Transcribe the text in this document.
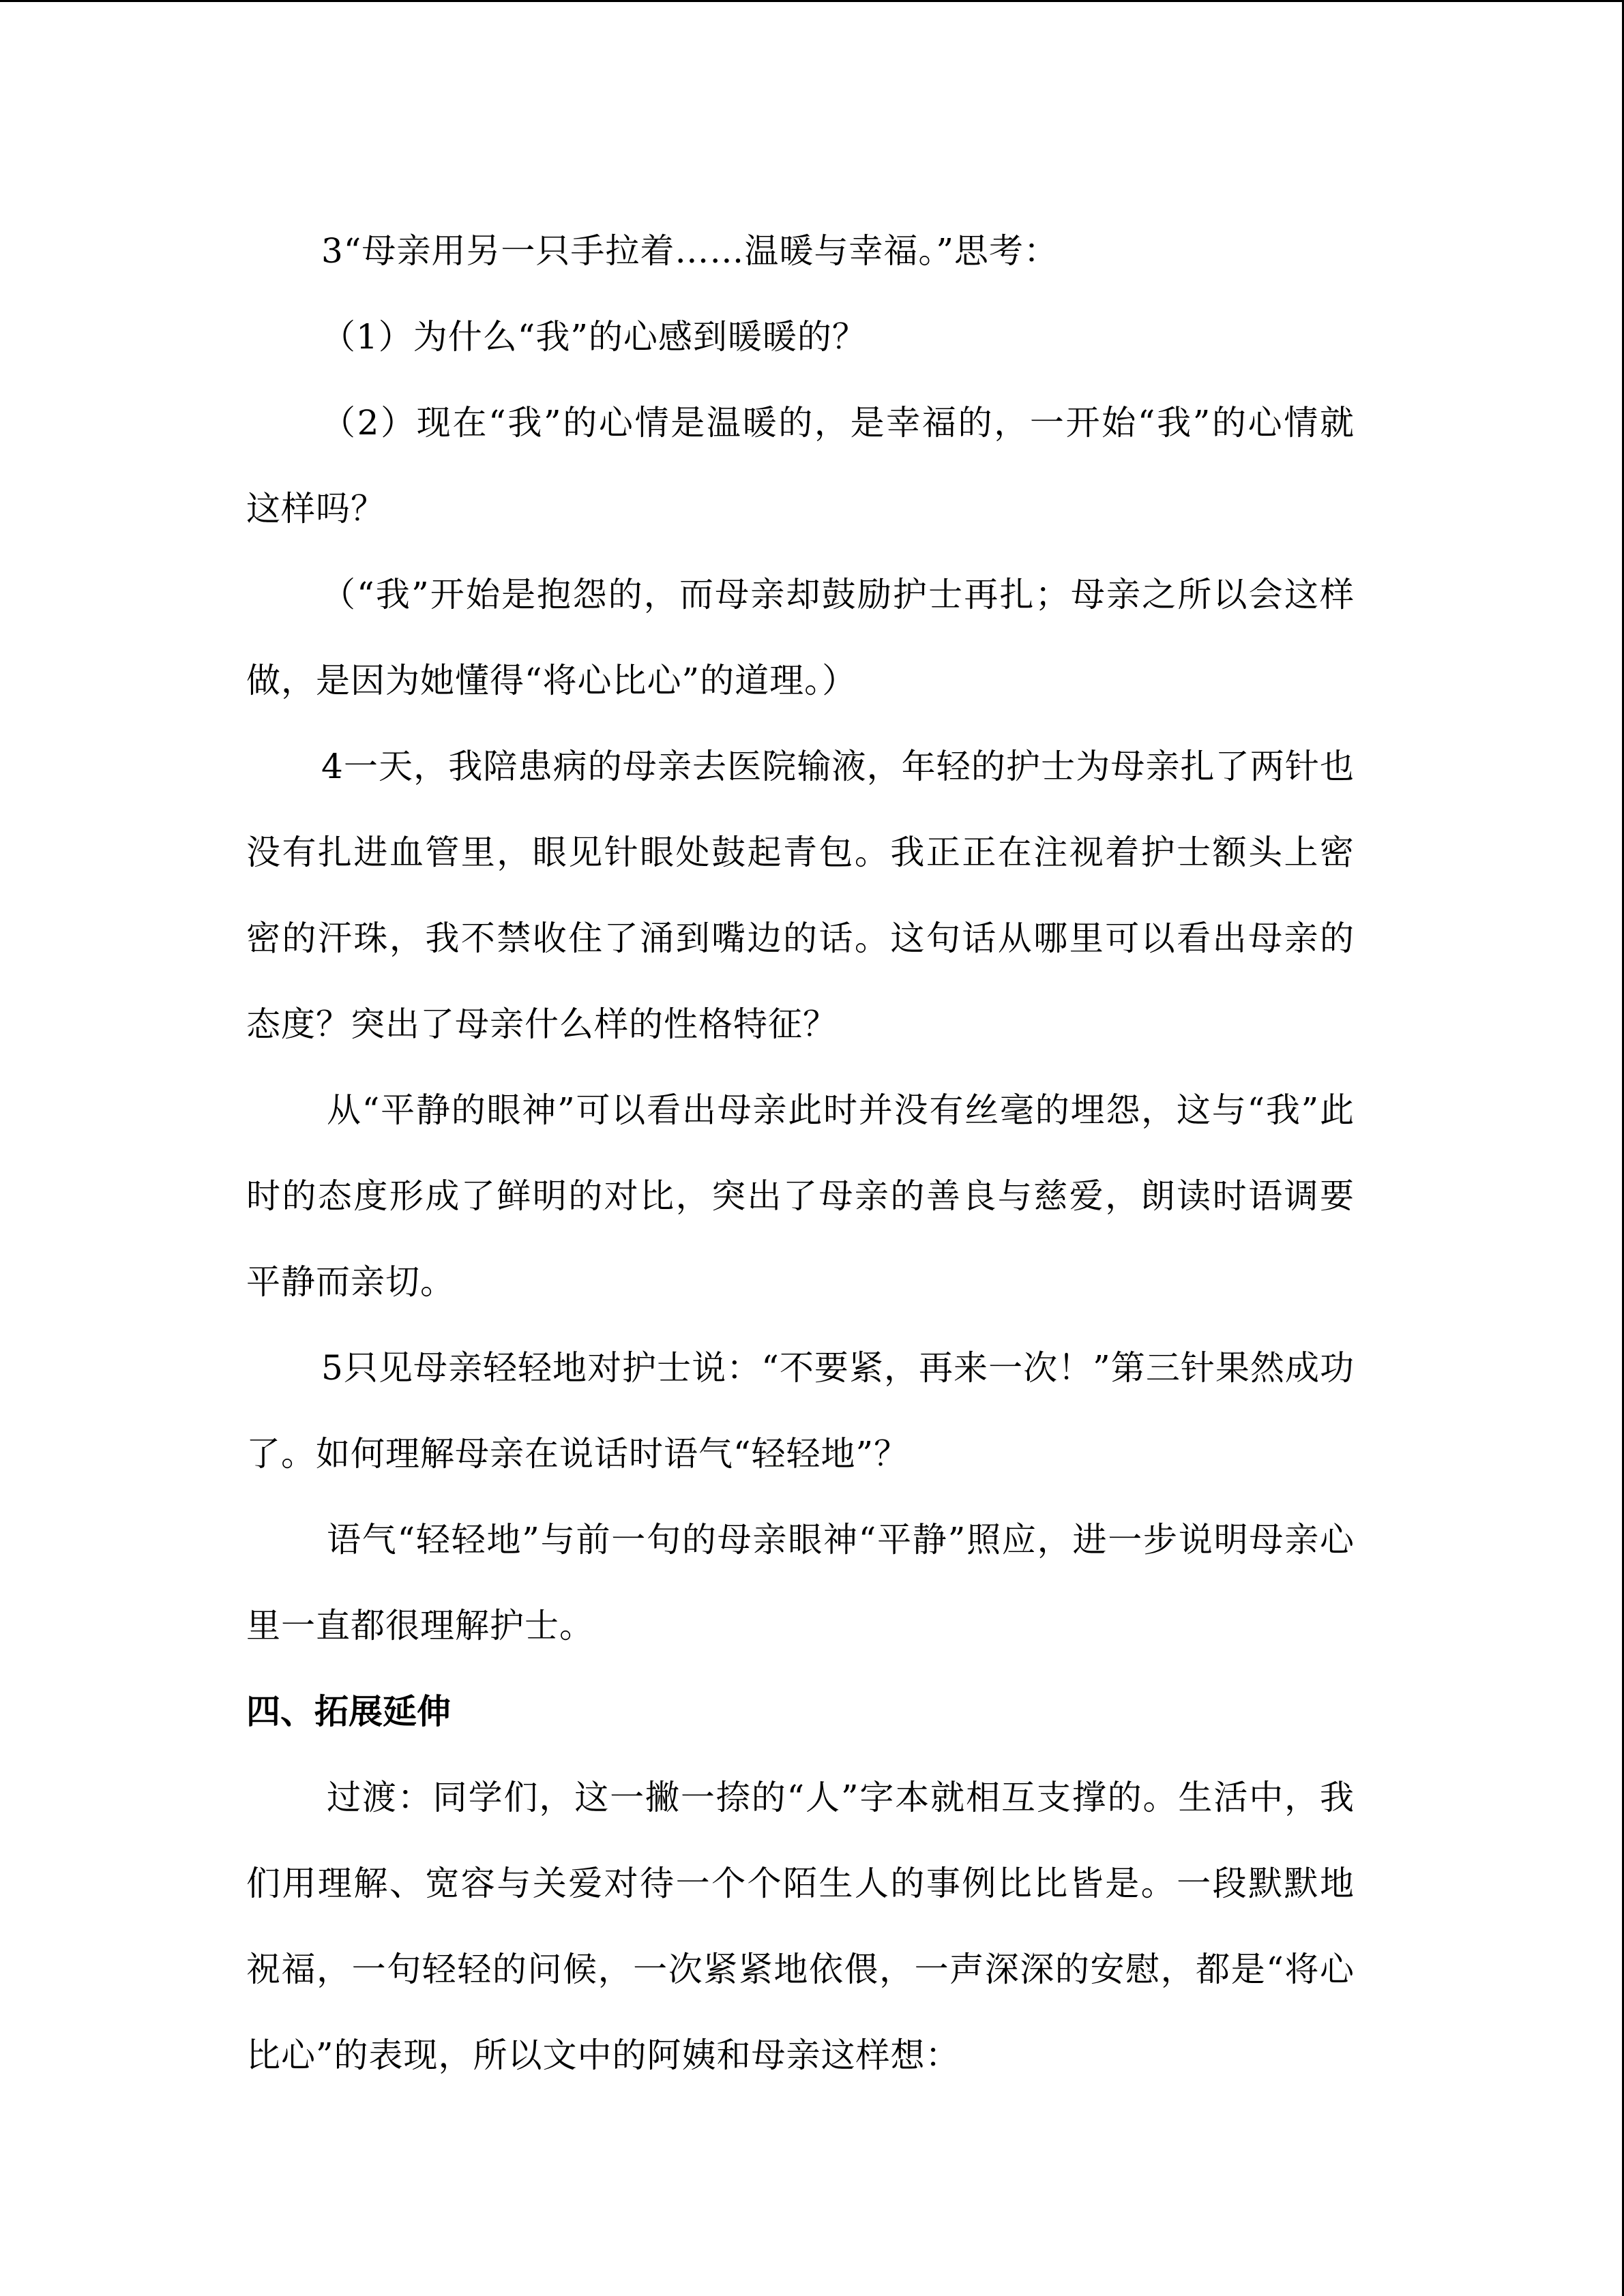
3“母亲用另一只手拉着……温暖与幸福。”思考：

（1）为什么“我”的心感到暖暖的？

（2）现在“我”的心情是温暖的，是幸福的，一开始“我”的心情就这样吗？

（“我”开始是抱怨的，而母亲却鼓励护士再扎；母亲之所以会这样做，是因为她懂得“将心比心”的道理。）

4一天，我陪患病的母亲去医院输液，年轻的护士为母亲扎了两针也没有扎进血管里，眼见针眼处鼓起青包。我正正在注视着护士额头上密密的汗珠，我不禁收住了涌到嘴边的话。这句话从哪里可以看出母亲的态度？突出了母亲什么样的性格特征？

从“平静的眼神”可以看出母亲此时并没有丝毫的埋怨，这与“我”此时的态度形成了鲜明的对比，突出了母亲的善良与慈爱，朗读时语调要平静而亲切。

5只见母亲轻轻地对护士说：“不要紧，再来一次！”第三针果然成功了。如何理解母亲在说话时语气“轻轻地”？

语气“轻轻地”与前一句的母亲眼神“平静”照应，进一步说明母亲心里一直都很理解护士。

四、拓展延伸

过渡：同学们，这一撇一捺的“人”字本就相互支撑的。生活中，我们用理解、宽容与关爱对待一个个陌生人的事例比比皆是。一段默默地祝福，一句轻轻的问候，一次紧紧地依偎，一声深深的安慰，都是“将心比心”的表现，所以文中的阿姨和母亲这样想：
